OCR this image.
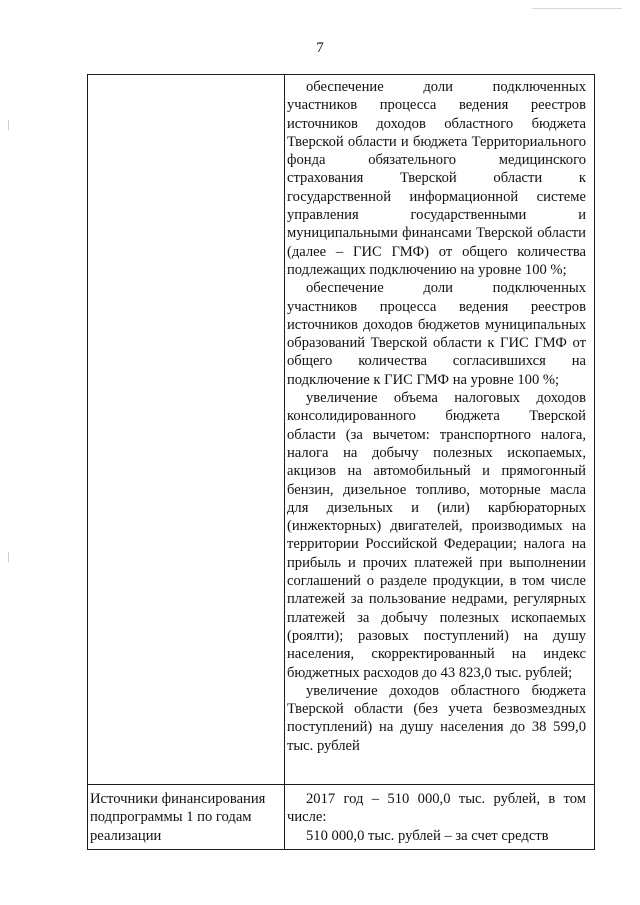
7

обеспечение доли подключенных участников процесса ведения реестров источников доходов областного бюджета Тверской области и бюджета Территориального фонда обязательного медицинского страхования Тверской области к государственной информационной системе управления государственными и муниципальными финансами Тверской области (далее – ГИС ГМФ) от общего количества подлежащих подключению на уровне 100 %;

обеспечение доли подключенных участников процесса ведения реестров источников доходов бюджетов муниципальных образований Тверской области к ГИС ГМФ от общего количества согласившихся на подключение к ГИС ГМФ на уровне 100 %;

увеличение объема налоговых доходов консолидированного бюджета Тверской области (за вычетом: транспортного налога, налога на добычу полезных ископаемых, акцизов на автомобильный и прямогонный бензин, дизельное топливо, моторные масла для дизельных и (или) карбюраторных (инжекторных) двигателей, производимых на территории Российской Федерации; налога на прибыль и прочих платежей при выполнении соглашений о разделе продукции, в том числе платежей за пользование недрами, регулярных платежей за добычу полезных ископаемых (роялти); разовых поступлений) на душу населения, скорректированный на индекс бюджетных расходов до 43 823,0 тыс. рублей;

увеличение доходов областного бюджета Тверской области (без учета безвозмездных поступлений) на душу населения до 38 599,0 тыс. рублей

Источники финансирования подпрограммы 1 по годам реализации

2017 год – 510 000,0 тыс. рублей, в том числе:

510 000,0 тыс. рублей – за счет средств
